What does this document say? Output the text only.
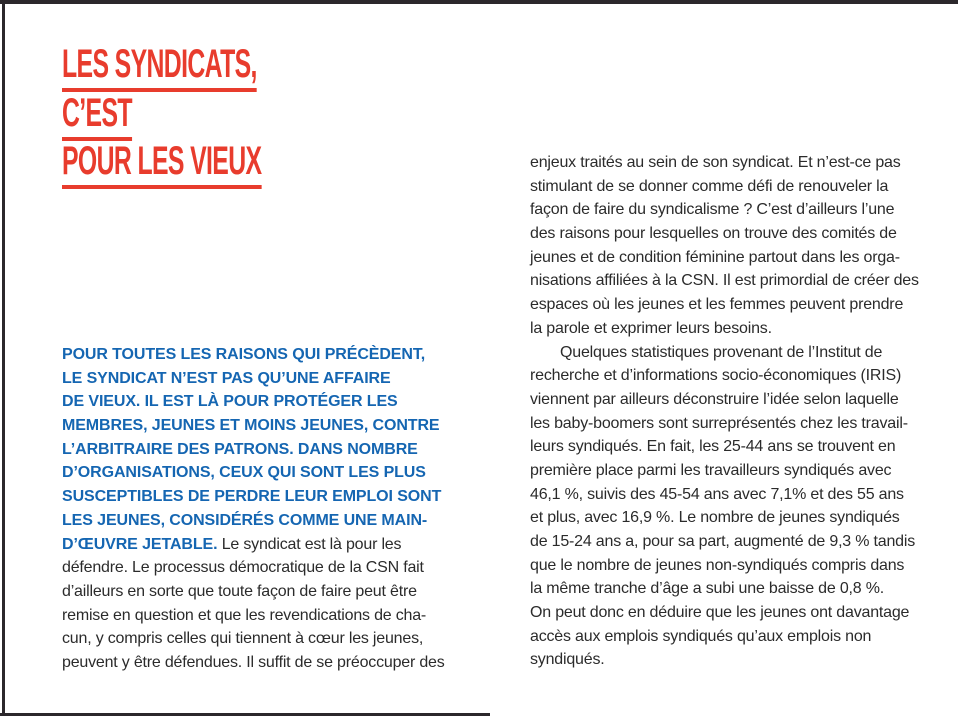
LES SYNDICATS,
C’EST
POUR LES VIEUX
POUR TOUTES LES RAISONS QUI PRÉCÈDENT,
LE SYNDICAT N’EST PAS QU’UNE AFFAIRE
DE VIEUX. IL EST LÀ POUR PROTÉGER LES
MEMBRES, JEUNES ET MOINS JEUNES, CONTRE
L’ARBITRAIRE DES PATRONS. DANS NOMBRE
D’ORGANISATIONS, CEUX QUI SONT LES PLUS
SUSCEPTIBLES DE PERDRE LEUR EMPLOI SONT
LES JEUNES, CONSIDÉRÉS COMME UNE MAIN-
D’ŒUVRE JETABLE. Le syndicat est là pour les
défendre. Le processus démocratique de la CSN fait
d’ailleurs en sorte que toute façon de faire peut être
remise en question et que les revendications de cha-
cun, y compris celles qui tiennent à cœur les jeunes,
peuvent y être défendues. Il suffit de se préoccuper des
enjeux traités au sein de son syndicat. Et n’est-ce pas
stimulant de se donner comme défi de renouveler la
façon de faire du syndicalisme ? C’est d’ailleurs l’une
des raisons pour lesquelles on trouve des comités de
jeunes et de condition féminine partout dans les orga-
nisations affiliées à la CSN. Il est primordial de créer des
espaces où les jeunes et les femmes peuvent prendre
la parole et exprimer leurs besoins.
Quelques statistiques provenant de l’Institut de
recherche et d’informations socio-économiques (IRIS)
viennent par ailleurs déconstruire l’idée selon laquelle
les baby-boomers sont surreprésentés chez les travail-
leurs syndiqués. En fait, les 25-44 ans se trouvent en
première place parmi les travailleurs syndiqués avec
46,1 %, suivis des 45-54 ans avec 7,1% et des 55 ans
et plus, avec 16,9 %. Le nombre de jeunes syndiqués
de 15-24 ans a, pour sa part, augmenté de 9,3 % tandis
que le nombre de jeunes non-syndiqués compris dans
la même tranche d’âge a subi une baisse de 0,8 %.
On peut donc en déduire que les jeunes ont davantage
accès aux emplois syndiqués qu’aux emplois non
syndiqués.
